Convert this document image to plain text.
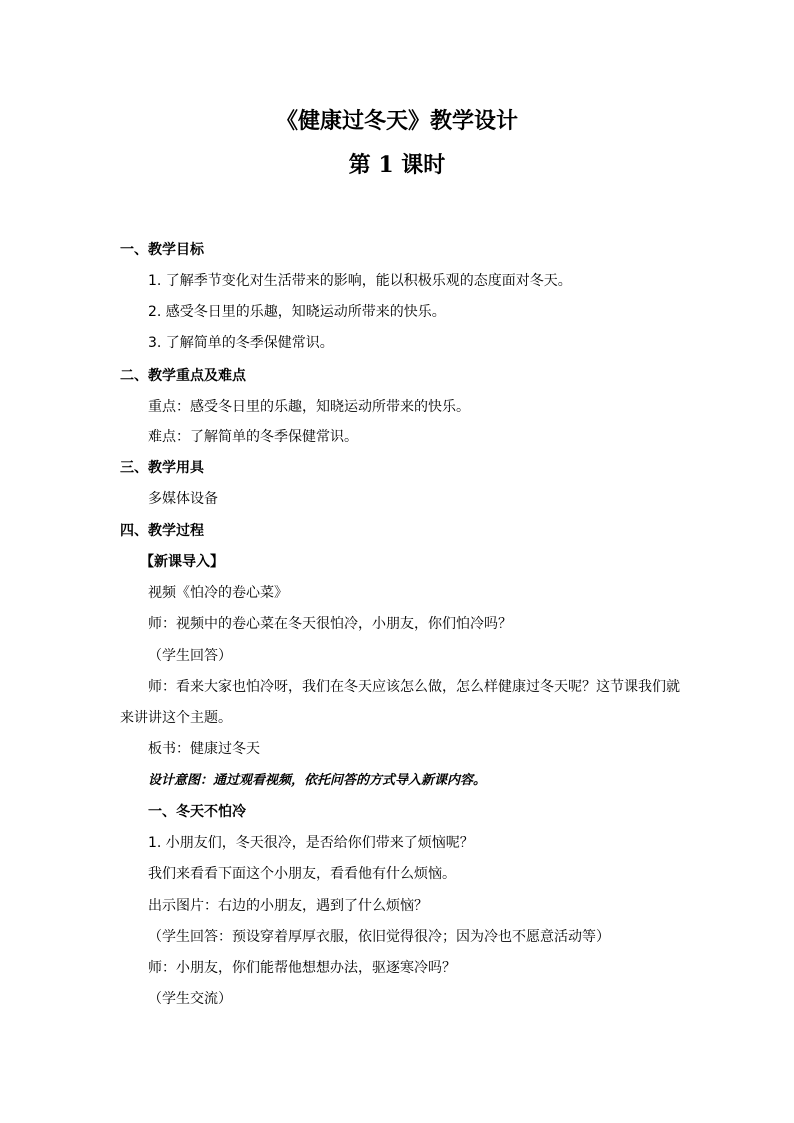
《健康过冬天》教学设计
第 1 课时
一、教学目标
1. 了解季节变化对生活带来的影响，能以积极乐观的态度面对冬天。
2. 感受冬日里的乐趣，知晓运动所带来的快乐。
3. 了解简单的冬季保健常识。
二、教学重点及难点
重点：感受冬日里的乐趣，知晓运动所带来的快乐。
难点：了解简单的冬季保健常识。
三、教学用具
多媒体设备
四、教学过程
【新课导入】
视频《怕冷的卷心菜》
师：视频中的卷心菜在冬天很怕冷，小朋友，你们怕冷吗？
（学生回答）
师：看来大家也怕冷呀，我们在冬天应该怎么做，怎么样健康过冬天呢？这节课我们就
来讲讲这个主题。
板书：健康过冬天
设计意图：通过观看视频，依托问答的方式导入新课内容。
一、冬天不怕冷
1. 小朋友们，冬天很冷，是否给你们带来了烦恼呢？
我们来看看下面这个小朋友，看看他有什么烦恼。
出示图片：右边的小朋友，遇到了什么烦恼？
（学生回答：预设穿着厚厚衣服，依旧觉得很冷；因为冷也不愿意活动等）
师：小朋友，你们能帮他想想办法，驱逐寒冷吗？
（学生交流）
